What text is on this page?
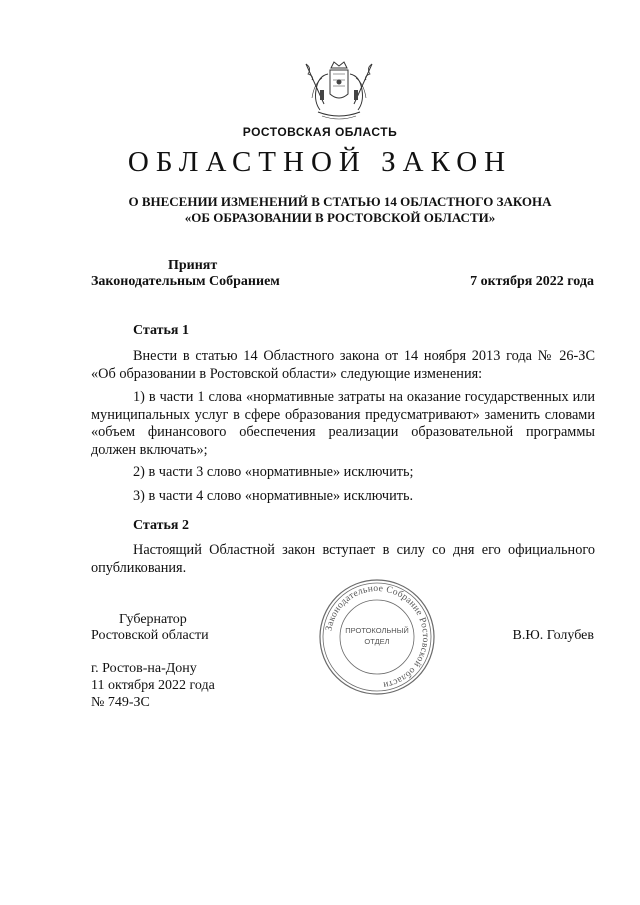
РОСТОВСКАЯ ОБЛАСТЬ
ОБЛАСТНОЙ ЗАКОН
О ВНЕСЕНИИ ИЗМЕНЕНИЙ В СТАТЬЮ 14 ОБЛАСТНОГО ЗАКОНА
«ОБ ОБРАЗОВАНИИ В РОСТОВСКОЙ ОБЛАСТИ»
Принят
Законодательным Собранием	7 октября 2022 года
Статья 1
Внести в статью 14 Областного закона от 14 ноября 2013 года № 26-ЗС «Об образовании в Ростовской области» следующие изменения:
1) в части 1 слова «нормативные затраты на оказание государственных или муниципальных услуг в сфере образования предусматривают» заменить словами «объем финансового обеспечения реализации образовательной программы должен включать»;
2) в части 3 слово «нормативные» исключить;
3) в части 4 слово «нормативные» исключить.
Статья 2
Настоящий Областной закон вступает в силу со дня его официального опубликования.
Законодательное Собрание Ростовской области
ПРОТОКОЛЬНЫЙ
ОТДЕЛ
Губернатор
Ростовской области	В.Ю. Голубев
г. Ростов-на-Дону
11 октября 2022 года
№ 749-ЗС
